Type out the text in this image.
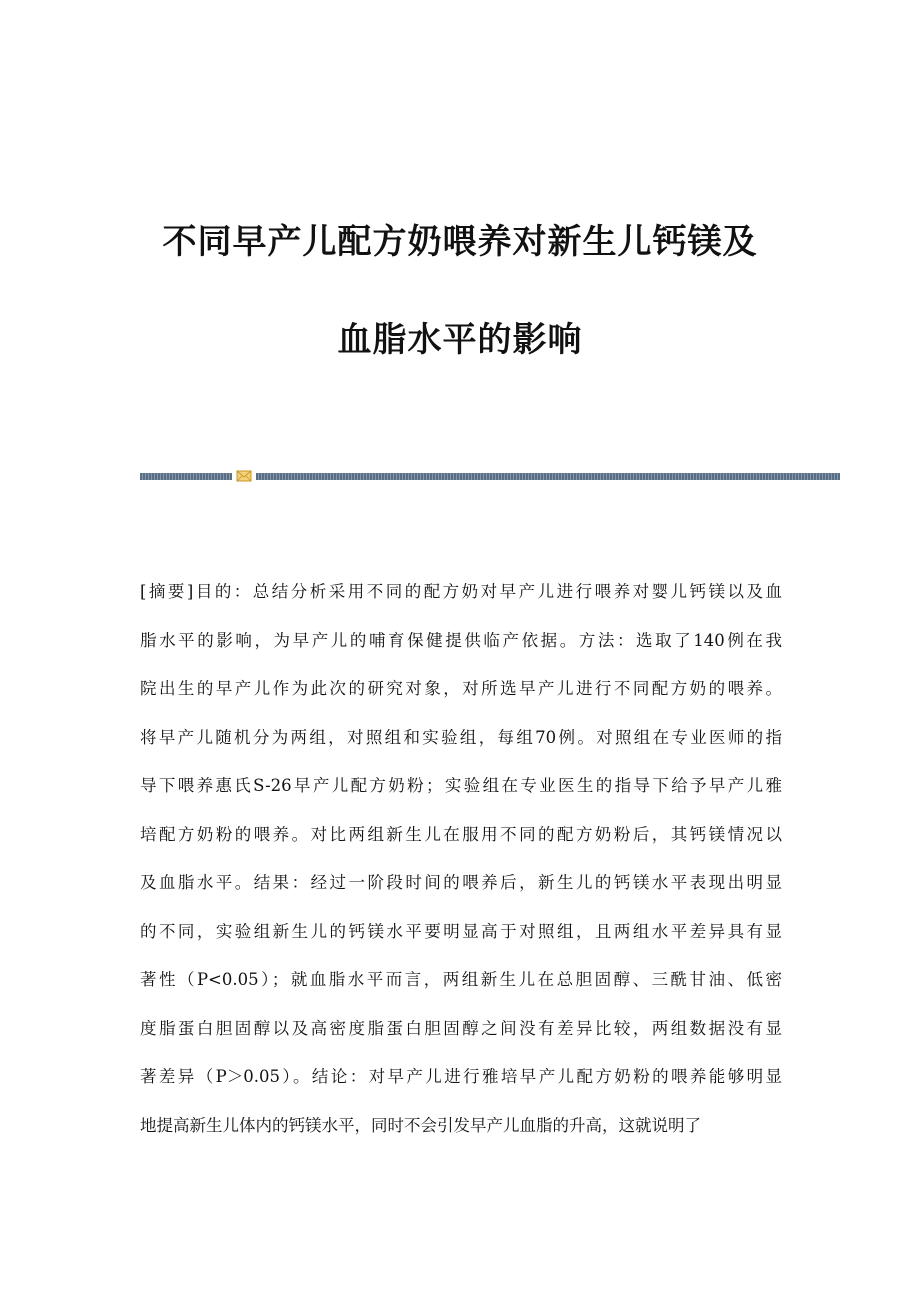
不同早产儿配方奶喂养对新生儿钙镁及
血脂水平的影响
[摘要]目的：总结分析采用不同的配方奶对早产儿进行喂养对婴儿钙镁以及血
脂水平的影响，为早产儿的哺育保健提供临产依据。方法：选取了140例在我
院出生的早产儿作为此次的研究对象，对所选早产儿进行不同配方奶的喂养。
将早产儿随机分为两组，对照组和实验组，每组70例。对照组在专业医师的指
导下喂养惠氏S-26早产儿配方奶粉；实验组在专业医生的指导下给予早产儿雅
培配方奶粉的喂养。对比两组新生儿在服用不同的配方奶粉后，其钙镁情况以
及血脂水平。结果：经过一阶段时间的喂养后，新生儿的钙镁水平表现出明显
的不同，实验组新生儿的钙镁水平要明显高于对照组，且两组水平差异具有显
著性（P<0.05）；就血脂水平而言，两组新生儿在总胆固醇、三酰甘油、低密
度脂蛋白胆固醇以及高密度脂蛋白胆固醇之间没有差异比较，两组数据没有显
著差异（P＞0.05）。结论：对早产儿进行雅培早产儿配方奶粉的喂养能够明显
地提高新生儿体内的钙镁水平，同时不会引发早产儿血脂的升高，这就说明了
